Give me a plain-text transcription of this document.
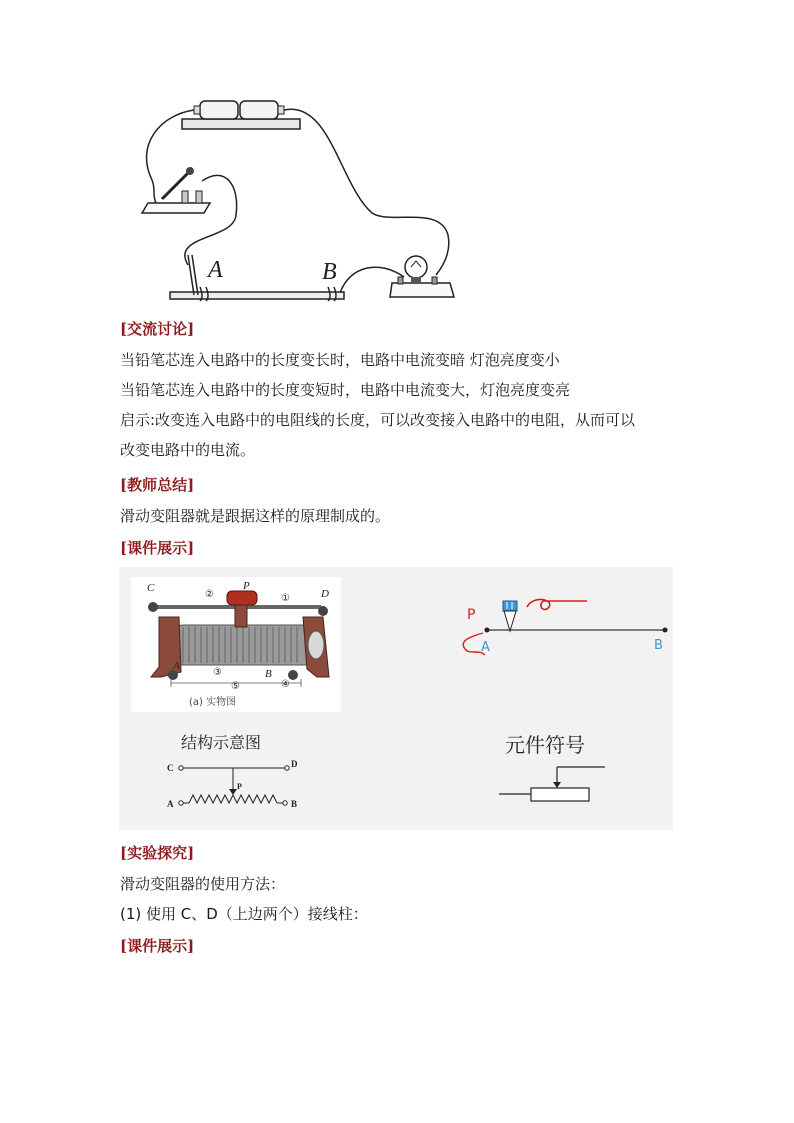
A	B
[交流讨论]
当铅笔芯连入电路中的长度变长时，电路中电流变暗 灯泡亮度变小
当铅笔芯连入电路中的长度变短时，电路中电流变大，灯泡亮度变亮
启示:改变连入电路中的电阻线的长度，可以改变接入电路中的电阻，从而可以
改变电路中的电流。
[教师总结]
滑动变阻器就是跟据这样的原理制成的。
[课件展示]
C	P
D
②	①
A
③	B
④
⑤
(a) 实物图
结构示意图
C	D
P
A	B
P
A	B
元件符号
[实验探究]
滑动变阻器的使用方法：
(1) 使用 C、D（上边两个）接线柱：
[课件展示]
